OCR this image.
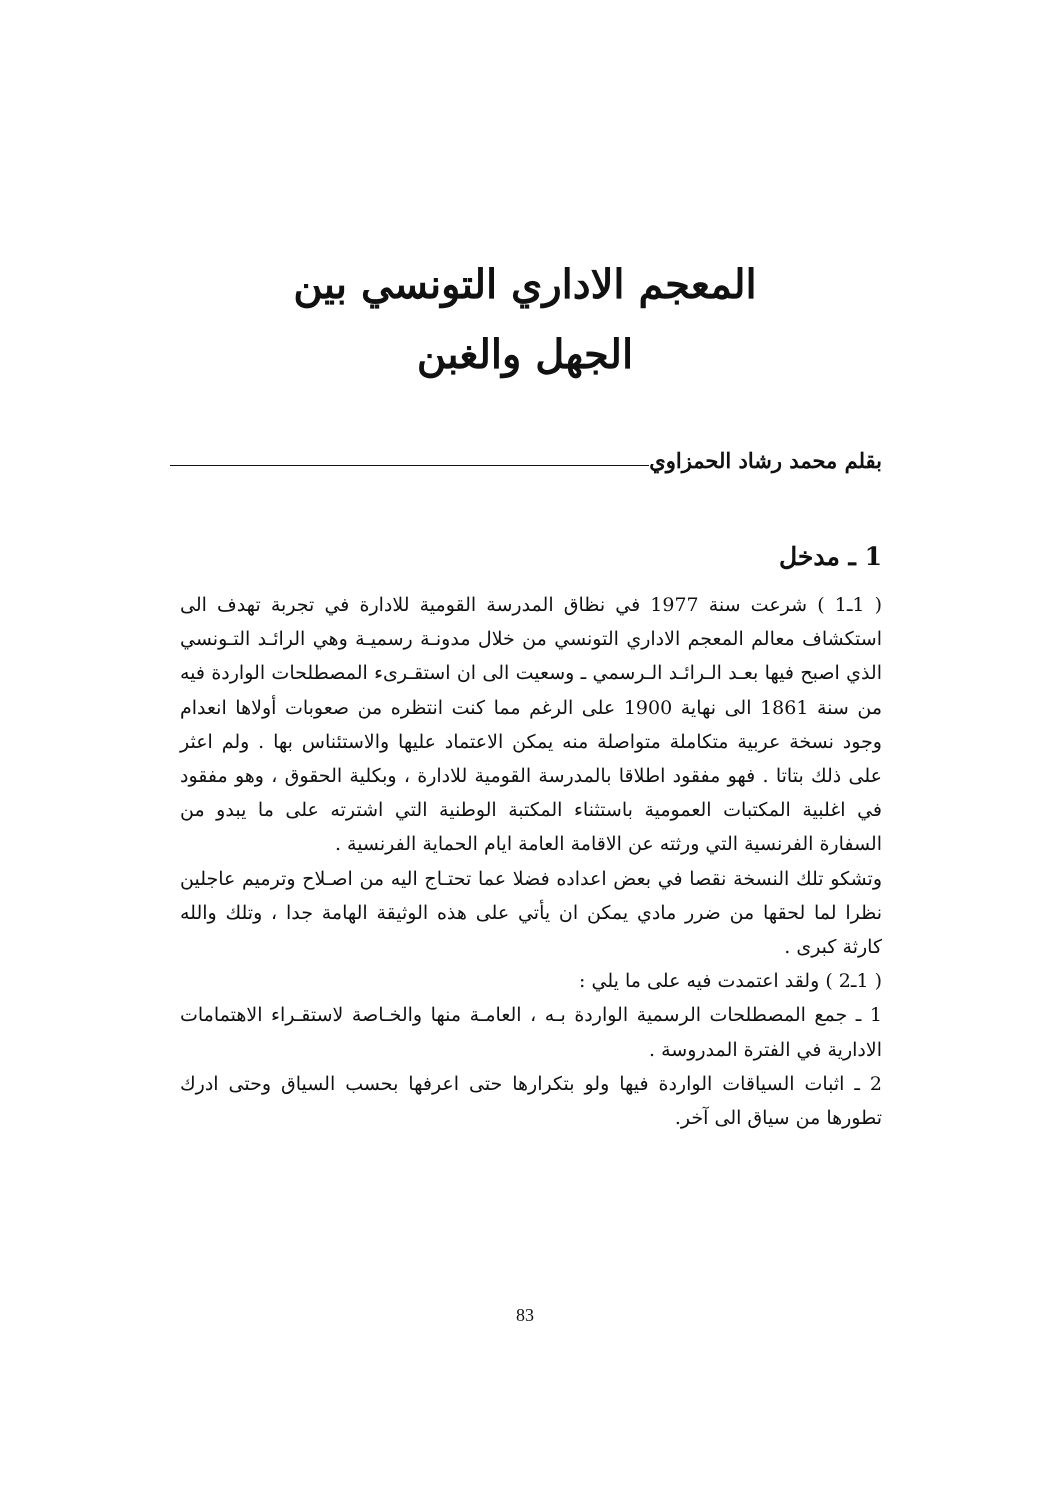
المعجم الاداري التونسي بين
الجهل والغبن
بقلم محمد رشاد الحمزاوي
1 ـ مدخل

( 1ـ1 ) شرعت سنة 1977 في نظاق المدرسة القومية للادارة في تجربة تهدف الى استكشاف معالم المعجم الاداري التونسي من خلال مدونـة رسميـة وهي الرائـد التـونسي الذي اصبح فيها بعـد الـرائـد الـرسمي ـ وسعيت الى ان استقـرىء المصطلحات الواردة فيه من سنة 1861 الى نهاية 1900 على الرغم مما كنت انتظره من صعوبات أولاها انعدام وجود نسخة عربية متكاملة متواصلة منه يمكن الاعتماد عليها والاستئناس بها . ولم اعثر على ذلك بتاتا . فهو مفقود اطلاقا بالمدرسة القومية للادارة ، وبكلية الحقوق ، وهو مفقود في اغلبية المكتبات العمومية باستثناء المكتبة الوطنية التي اشترته على ما يبدو من السفارة الفرنسية التي ورثته عن الاقامة العامة ايام الحماية الفرنسية .

وتشكو تلك النسخة نقصا في بعض اعداده فضلا عما تحتـاج اليه من اصـلاح وترميم عاجلين نظرا لما لحقها من ضرر مادي يمكن ان يأتي على هذه الوثيقة الهامة جدا ، وتلك والله كارثة كبرى .

( 1ـ2 ) ولقد اعتمدت فيه على ما يلي :

1 ـ جمع المصطلحات الرسمية الواردة بـه ، العامـة منها والخـاصة لاستقـراء الاهتمامات الادارية في الفترة المدروسة .

2 ـ اثبات السياقات الواردة فيها ولو بتكرارها حتى اعرفها بحسب السياق وحتى ادرك تطورها من سياق الى آخر.

83
